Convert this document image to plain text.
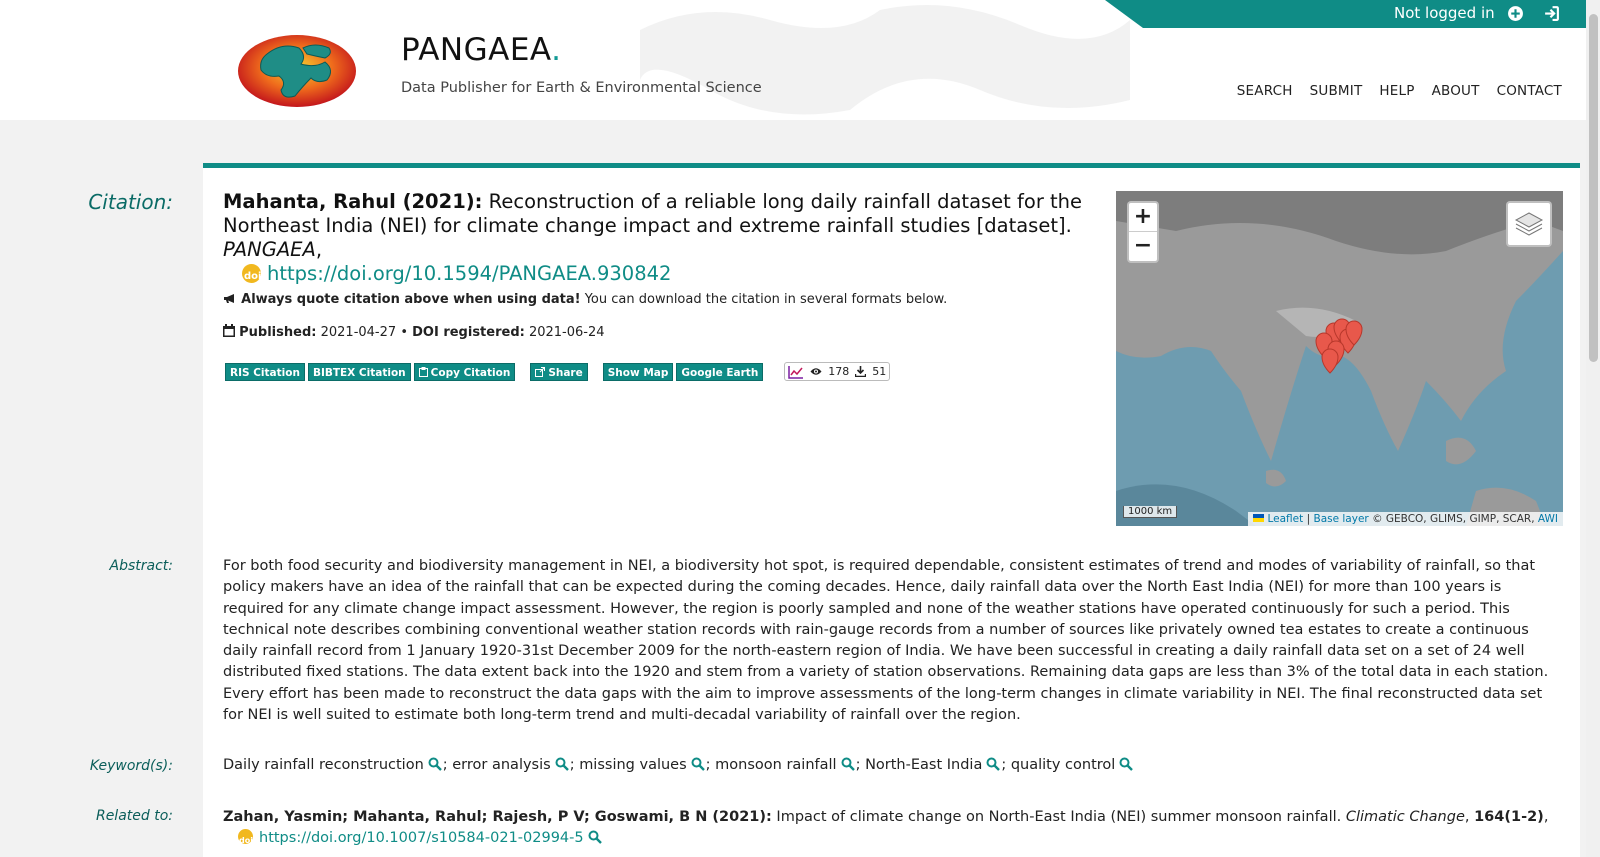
PANGAEA.
Data Publisher for Earth & Environmental Science
Not logged in
SEARCH SUBMIT HELP ABOUT CONTACT
Citation:
Abstract:
Keyword(s):
Related to:
Mahanta, Rahul (2021): Reconstruction of a reliable long daily rainfall dataset for the Northeast India (NEI) for climate change impact and extreme rainfall studies [dataset]. PANGAEA,
doi https://doi.org/10.1594/PANGAEA.930842
Always quote citation above when using data! You can download the citation in several formats below.
Published: 2021-04-27 • DOI registered: 2021-06-24
RIS Citation	BIBTEX Citation	Copy Citation	Share	Show Map	Google Earth	178 51
+
−
1000 km
Leaflet | Base layer © GEBCO, GLIMS, GIMP, SCAR, AWI
For both food security and biodiversity management in NEI, a biodiversity hot spot, is required dependable, consistent estimates of trend and modes of variability of rainfall, so that policy makers have an idea of the rainfall that can be expected during the coming decades. Hence, daily rainfall data over the North East India (NEI) for more than 100 years is required for any climate change impact assessment. However, the region is poorly sampled and none of the weather stations have operated continuously for such a period. This technical note describes combining conventional weather station records with rain-gauge records from a number of sources like privately owned tea estates to create a continuous daily rainfall record from 1 January 1920-31st December 2009 for the north-eastern region of India. We have been successful in creating a daily rainfall data set on a set of 24 well distributed fixed stations. The data extent back into the 1920 and stem from a variety of station observations. Remaining data gaps are less than 3% of the total data in each station. Every effort has been made to reconstruct the data gaps with the aim to improve assessments of the long-term changes in climate variability in NEI. The final reconstructed data set for NEI is well suited to estimate both long-term trend and multi-decadal variability of rainfall over the region.
Daily rainfall reconstruction ; error analysis ; missing values ; monsoon rainfall ; North-East India ; quality control
Zahan, Yasmin; Mahanta, Rahul; Rajesh, P V; Goswami, B N (2021): Impact of climate change on North-East India (NEI) summer monsoon rainfall. Climatic Change, 164(1-2),
doi https://doi.org/10.1007/s10584-021-02994-5
